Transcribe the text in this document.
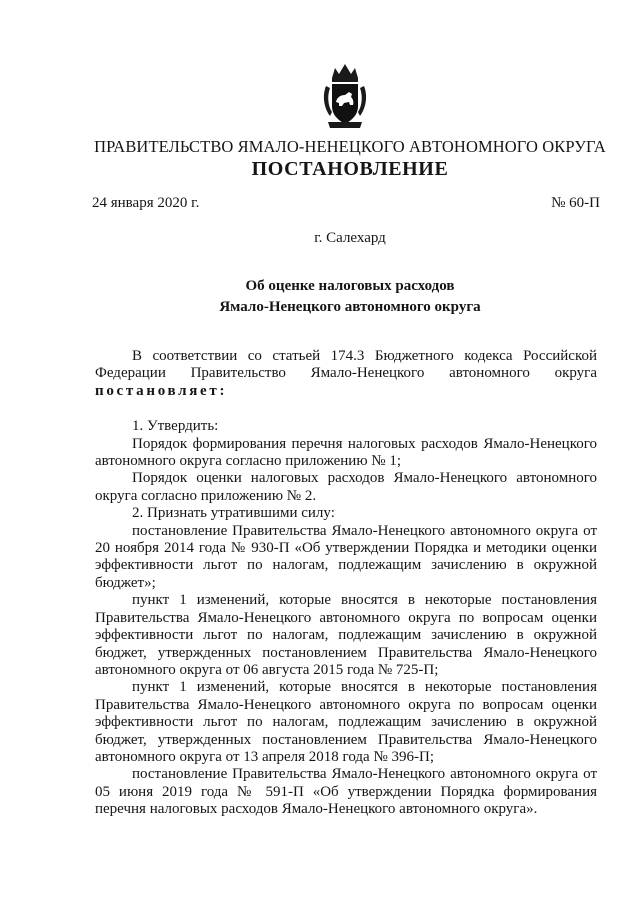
ПРАВИТЕЛЬСТВО ЯМАЛО-НЕНЕЦКОГО АВТОНОМНОГО ОКРУГА
ПОСТАНОВЛЕНИЕ
24 января 2020 г.	№ 60-П
г. Салехард
Об оценке налоговых расходов
Ямало-Ненецкого автономного округа

В соответствии со статьей 174.3 Бюджетного кодекса Российской Федерации Правительство Ямало-Ненецкого автономного округа постановляет:

1. Утвердить:

Порядок формирования перечня налоговых расходов Ямало-Ненецкого автономного округа согласно приложению № 1;

Порядок оценки налоговых расходов Ямало-Ненецкого автономного округа согласно приложению № 2.

2. Признать утратившими силу:

постановление Правительства Ямало-Ненецкого автономного округа от 20 ноября 2014 года № 930-П «Об утверждении Порядка и методики оценки эффективности льгот по налогам, подлежащим зачислению в окружной бюджет»;

пункт 1 изменений, которые вносятся в некоторые постановления Правительства Ямало-Ненецкого автономного округа по вопросам оценки эффективности льгот по налогам, подлежащим зачислению в окружной бюджет, утвержденных постановлением Правительства Ямало-Ненецкого автономного округа от 06 августа 2015 года № 725-П;

пункт 1 изменений, которые вносятся в некоторые постановления Правительства Ямало-Ненецкого автономного округа по вопросам оценки эффективности льгот по налогам, подлежащим зачислению в окружной бюджет, утвержденных постановлением Правительства Ямало-Ненецкого автономного округа от 13 апреля 2018 года № 396-П;

постановление Правительства Ямало-Ненецкого автономного округа от 05 июня 2019 года № 591-П «Об утверждении Порядка формирования перечня налоговых расходов Ямало-Ненецкого автономного округа».
